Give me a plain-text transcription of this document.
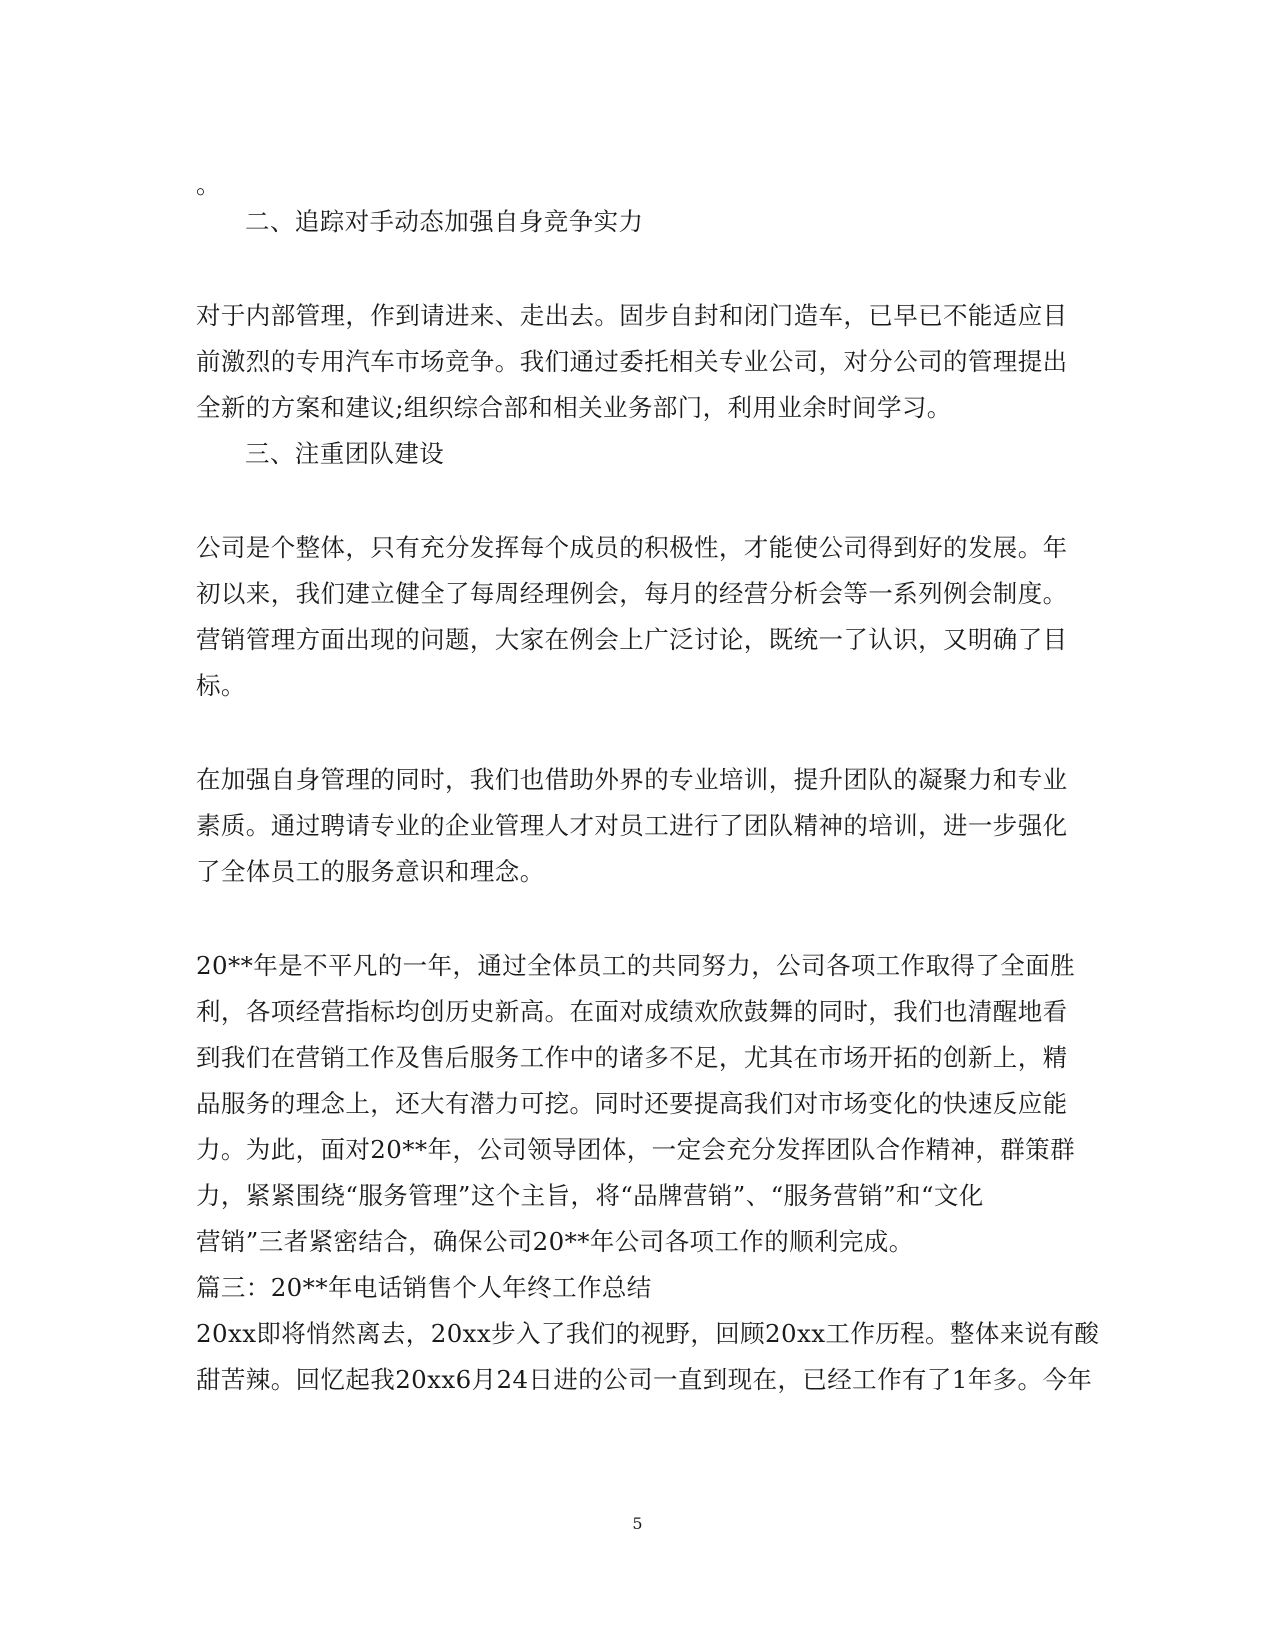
。
二、追踪对手动态加强自身竞争实力
对于内部管理，作到请进来、走出去。固步自封和闭门造车，已早已不能适应目
前激烈的专用汽车市场竞争。我们通过委托相关专业公司，对分公司的管理提出
全新的方案和建议;组织综合部和相关业务部门，利用业余时间学习。
三、注重团队建设
公司是个整体，只有充分发挥每个成员的积极性，才能使公司得到好的发展。年
初以来，我们建立健全了每周经理例会，每月的经营分析会等一系列例会制度。
营销管理方面出现的问题，大家在例会上广泛讨论，既统一了认识，又明确了目
标。
在加强自身管理的同时，我们也借助外界的专业培训，提升团队的凝聚力和专业
素质。通过聘请专业的企业管理人才对员工进行了团队精神的培训，进一步强化
了全体员工的服务意识和理念。
20**年是不平凡的一年，通过全体员工的共同努力，公司各项工作取得了全面胜
利，各项经营指标均创历史新高。在面对成绩欢欣鼓舞的同时，我们也清醒地看
到我们在营销工作及售后服务工作中的诸多不足，尤其在市场开拓的创新上，精
品服务的理念上，还大有潜力可挖。同时还要提高我们对市场变化的快速反应能
力。为此，面对20**年，公司领导团体，一定会充分发挥团队合作精神，群策群
力，紧紧围绕“服务管理”这个主旨，将“品牌营销”、“服务营销”和“文化
营销”三者紧密结合，确保公司20**年公司各项工作的顺利完成。
篇三：20**年电话销售个人年终工作总结
20xx即将悄然离去，20xx步入了我们的视野，回顾20xx工作历程。整体来说有酸
甜苦辣。回忆起我20xx6月24日进的公司一直到现在，已经工作有了1年多。今年
5
